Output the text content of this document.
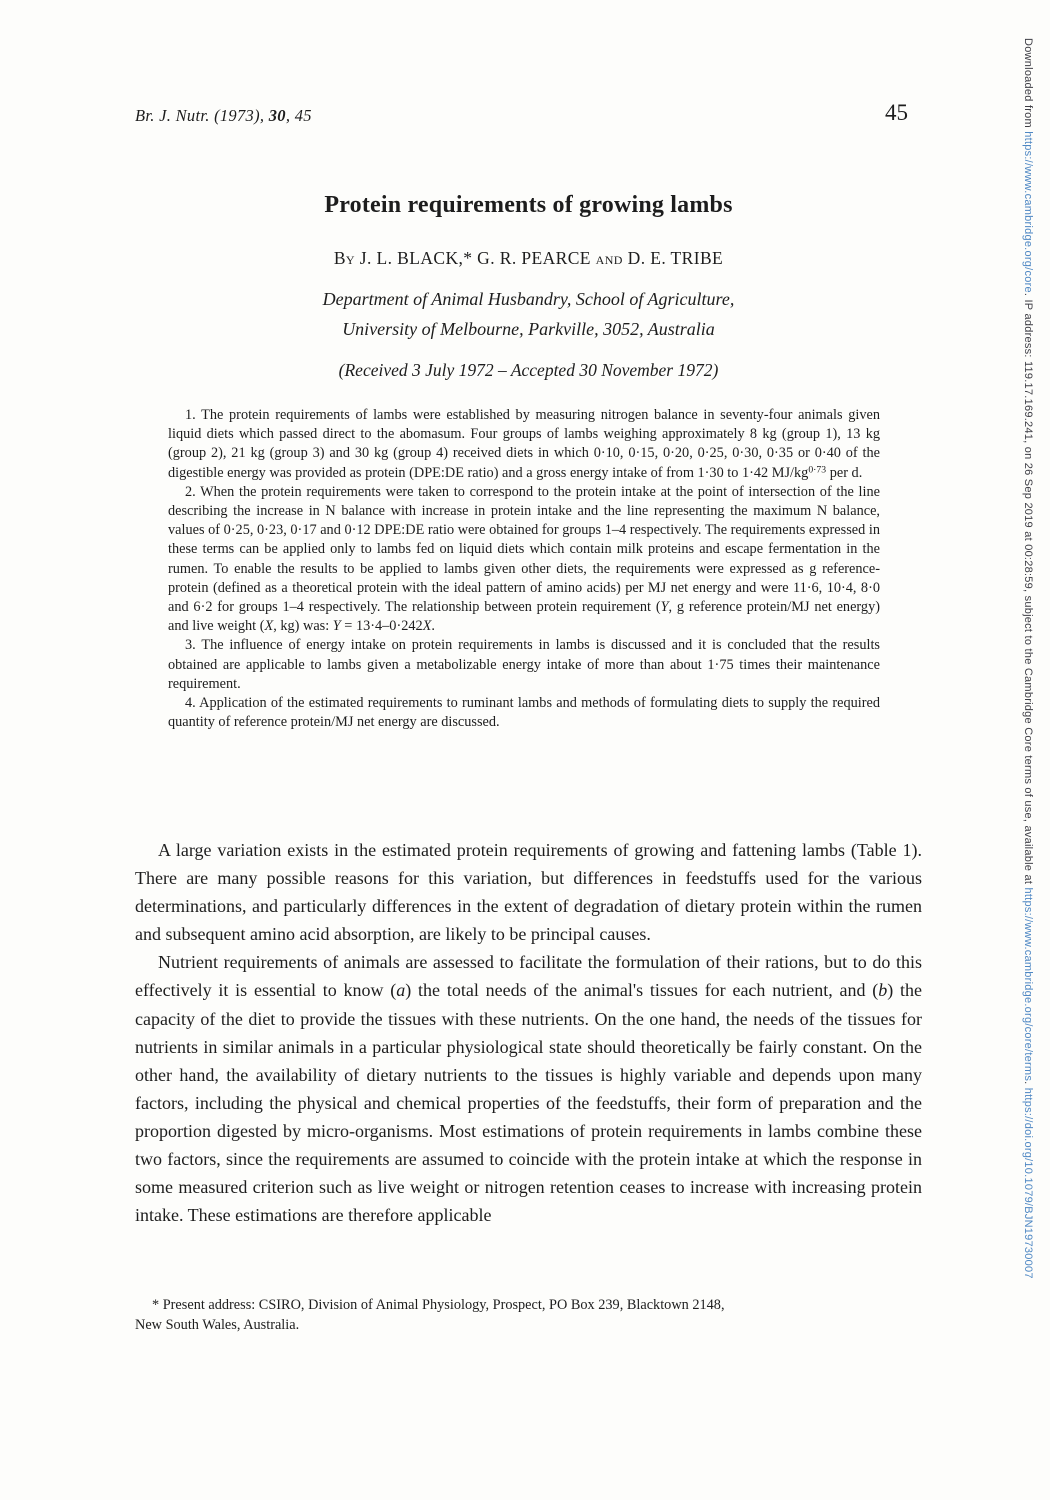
Downloaded from https://www.cambridge.org/core. IP address: 119.17.169.241, on 26 Sep 2019 at 00:28:59, subject to the Cambridge Core terms of use, available at https://www.cambridge.org/core/terms. https://doi.org/10.1079/BJN19730007
Br. J. Nutr. (1973), 30, 45	45
Protein requirements of growing lambs
By J. L. BLACK,* G. R. PEARCE and D. E. TRIBE
Department of Animal Husbandry, School of Agriculture,
University of Melbourne, Parkville, 3052, Australia
(Received 3 July 1972 – Accepted 30 November 1972)

1. The protein requirements of lambs were established by measuring nitrogen balance in seventy-four animals given liquid diets which passed direct to the abomasum. Four groups of lambs weighing approximately 8 kg (group 1), 13 kg (group 2), 21 kg (group 3) and 30 kg (group 4) received diets in which 0·10, 0·15, 0·20, 0·25, 0·30, 0·35 or 0·40 of the digestible energy was provided as protein (DPE:DE ratio) and a gross energy intake of from 1·30 to 1·42 $MJ/kg^{0\cdot 73}$ per d.

2. When the protein requirements were taken to correspond to the protein intake at the point of intersection of the line describing the increase in N balance with increase in protein intake and the line representing the maximum N balance, values of 0·25, 0·23, 0·17 and 0·12 DPE:DE ratio were obtained for groups 1–4 respectively. The requirements expressed in these terms can be applied only to lambs fed on liquid diets which contain milk proteins and escape fermentation in the rumen. To enable the results to be applied to lambs given other diets, the requirements were expressed as g reference-protein (defined as a theoretical protein with the ideal pattern of amino acids) per MJ net energy and were 11·6, 10·4, 8·0 and 6·2 for groups 1–4 respectively. The relationship between protein requirement (Y, g reference protein/MJ net energy) and live weight (X, kg) was: Y = 13·4–0·242X.

3. The influence of energy intake on protein requirements in lambs is discussed and it is concluded that the results obtained are applicable to lambs given a metabolizable energy intake of more than about 1·75 times their maintenance requirement.

4. Application of the estimated requirements to ruminant lambs and methods of formulating diets to supply the required quantity of reference protein/MJ net energy are discussed.

A large variation exists in the estimated protein requirements of growing and fattening lambs (Table 1). There are many possible reasons for this variation, but differences in feedstuffs used for the various determinations, and particularly differences in the extent of degradation of dietary protein within the rumen and subsequent amino acid absorption, are likely to be principal causes.

Nutrient requirements of animals are assessed to facilitate the formulation of their rations, but to do this effectively it is essential to know (a) the total needs of the animal's tissues for each nutrient, and (b) the capacity of the diet to provide the tissues with these nutrients. On the one hand, the needs of the tissues for nutrients in similar animals in a particular physiological state should theoretically be fairly constant. On the other hand, the availability of dietary nutrients to the tissues is highly variable and depends upon many factors, including the physical and chemical properties of the feedstuffs, their form of preparation and the proportion digested by micro-organisms. Most estimations of protein requirements in lambs combine these two factors, since the requirements are assumed to coincide with the protein intake at which the response in some measured criterion such as live weight or nitrogen retention ceases to increase with increasing protein intake. These estimations are therefore applicable

* Present address: CSIRO, Division of Animal Physiology, Prospect, PO Box 239, Blacktown 2148,
New South Wales, Australia.
